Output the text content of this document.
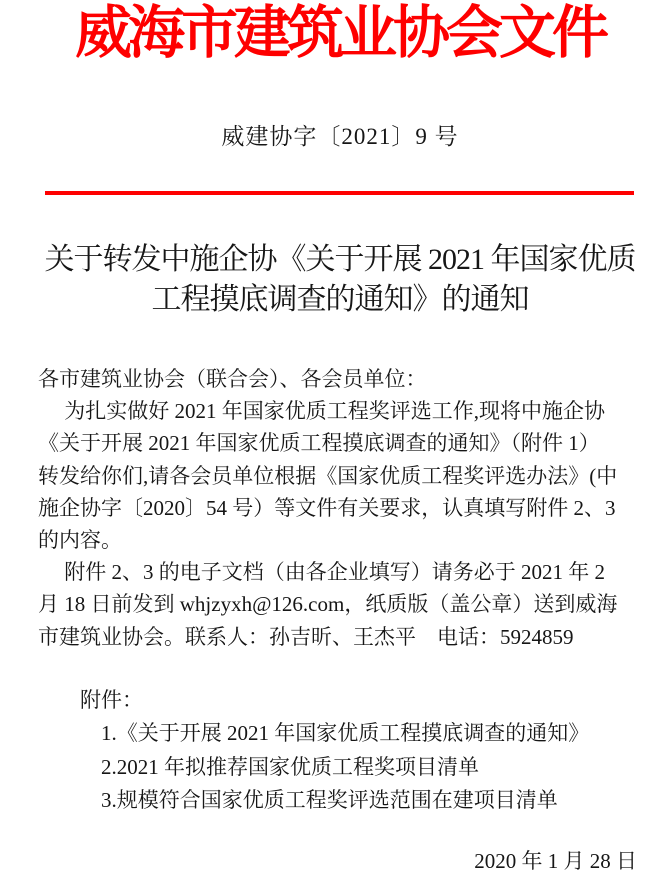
威海市建筑业协会文件
威建协字〔2021〕9 号
关于转发中施企协《关于开展 2021 年国家优质
工程摸底调查的通知》的通知
各市建筑业协会（联合会）、各会员单位：
　 为扎实做好 2021 年国家优质工程奖评选工作,现将中施企协
《关于开展 2021 年国家优质工程摸底调查的通知》（附件 1）
转发给你们,请各会员单位根据《国家优质工程奖评选办法》(中
施企协字〔2020〕54 号）等文件有关要求，认真填写附件 2、3
的内容。
　 附件 2、3 的电子文档（由各企业填写）请务必于 2021 年 2
月 18 日前发到 whjzyxh@126.com，纸质版（盖公章）送到威海
市建筑业协会。联系人：孙吉昕、王杰平　电话：5924859
　　附件：
　　　1.《关于开展 2021 年国家优质工程摸底调查的通知》
　　　2.2021 年拟推荐国家优质工程奖项目清单
　　　3.规模符合国家优质工程奖评选范围在建项目清单
2020 年 1 月 28 日
